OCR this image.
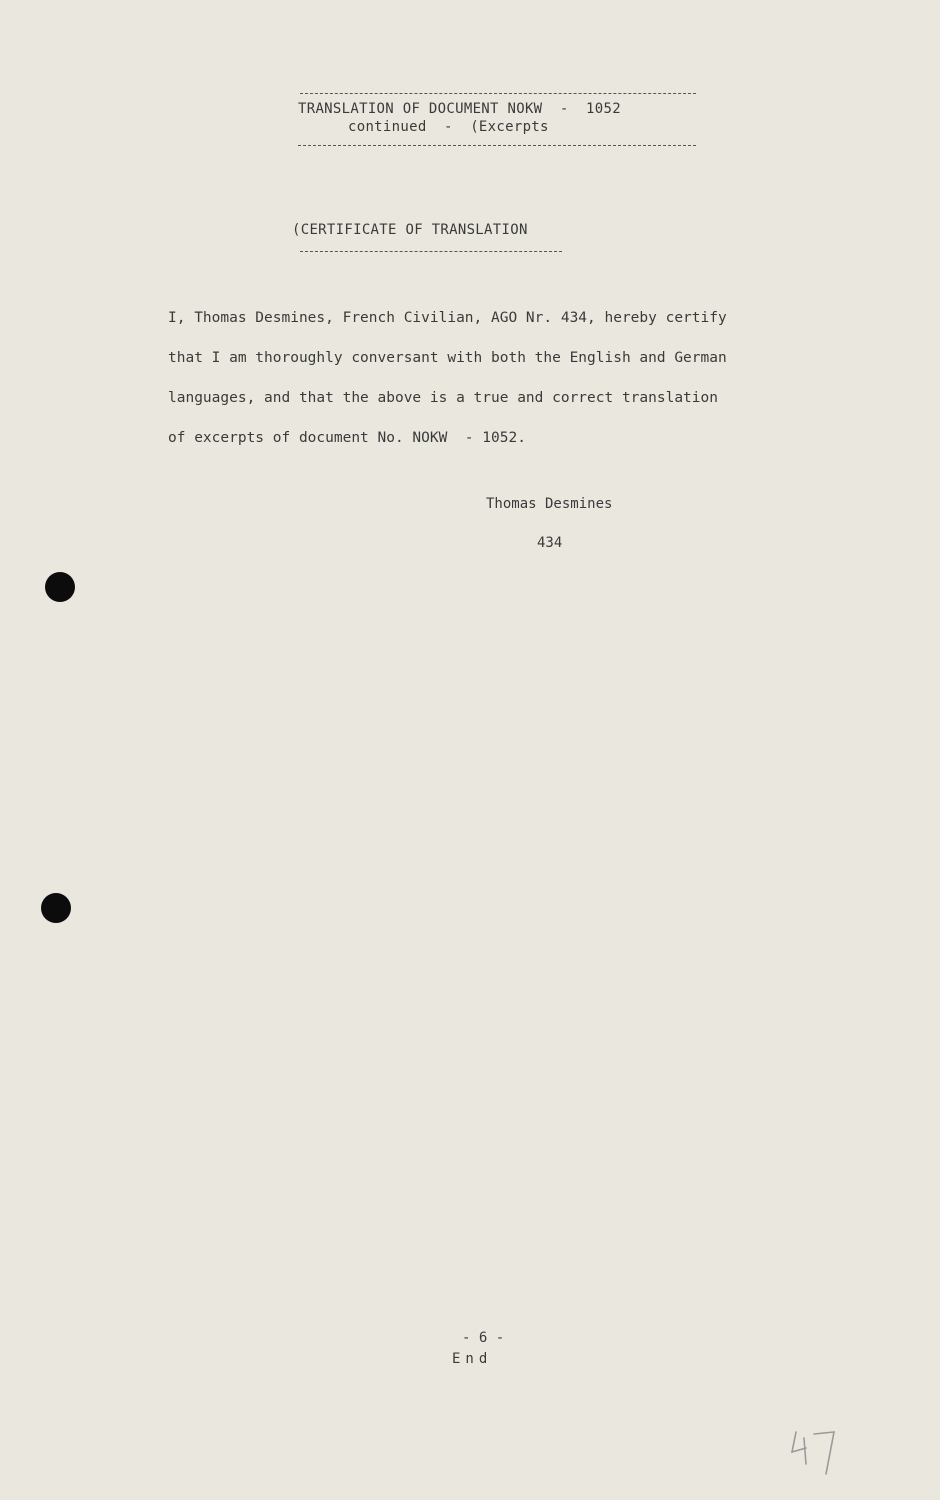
TRANSLATION OF DOCUMENT NOKW  -  1052
continued  -  (Excerpts
(CERTIFICATE OF TRANSLATION
I, Thomas Desmines, French Civilian, AGO Nr. 434, hereby certify
that I am thoroughly conversant with both the English and German
languages, and that the above is a true and correct translation
of excerpts of document No. NOKW  - 1052.
Thomas Desmines
434
- 6 -
End
